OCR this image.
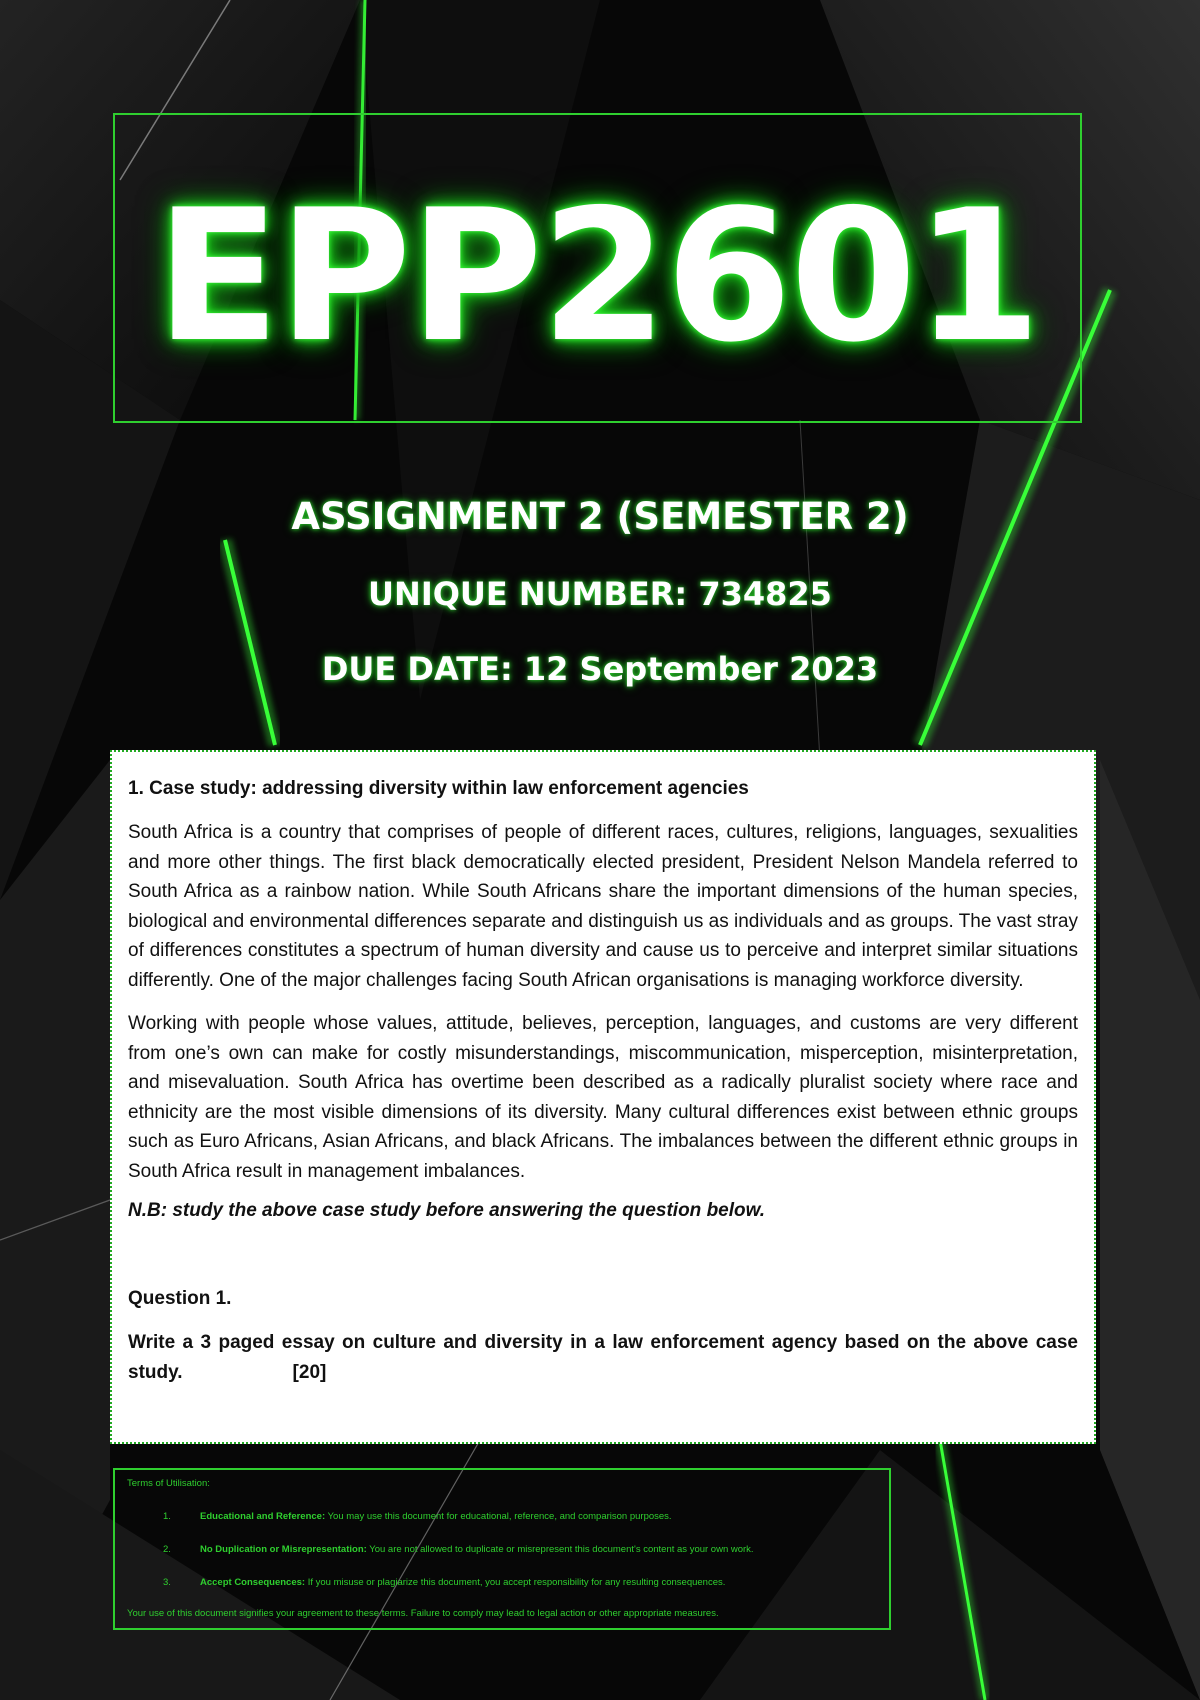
EPP2601
ASSIGNMENT 2 (SEMESTER 2)
UNIQUE NUMBER: 734825
DUE DATE: 12 September 2023

1. Case study: addressing diversity within law enforcement agencies

South Africa is a country that comprises of people of different races, cultures, religions, languages, sexualities and more other things. The first black democratically elected president, President Nelson Mandela referred to South Africa as a rainbow nation. While South Africans share the important dimensions of the human species, biological and environmental differences separate and distinguish us as individuals and as groups. The vast stray of differences constitutes a spectrum of human diversity and cause us to perceive and interpret similar situations differently. One of the major challenges facing South African organisations is managing workforce diversity.

Working with people whose values, attitude, believes, perception, languages, and customs are very different from one’s own can make for costly misunderstandings, miscommunication, misperception, misinterpretation, and misevaluation. South Africa has overtime been described as a radically pluralist society where race and ethnicity are the most visible dimensions of its diversity. Many cultural differences exist between ethnic groups such as Euro Africans, Asian Africans, and black Africans. The imbalances between the different ethnic groups in South Africa result in management imbalances.

N.B: study the above case study before answering the question below.

Question 1.

Write a 3 paged essay on culture and diversity in a law enforcement agency based on the above case study.	[20]

Terms of Utilisation:
1.	Educational and Reference: You may use this document for educational, reference, and comparison purposes.
2.	No Duplication or Misrepresentation: You are not allowed to duplicate or misrepresent this document's content as your own work.
3.	Accept Consequences: If you misuse or plagiarize this document, you accept responsibility for any resulting consequences.
Your use of this document signifies your agreement to these terms. Failure to comply may lead to legal action or other appropriate measures.
